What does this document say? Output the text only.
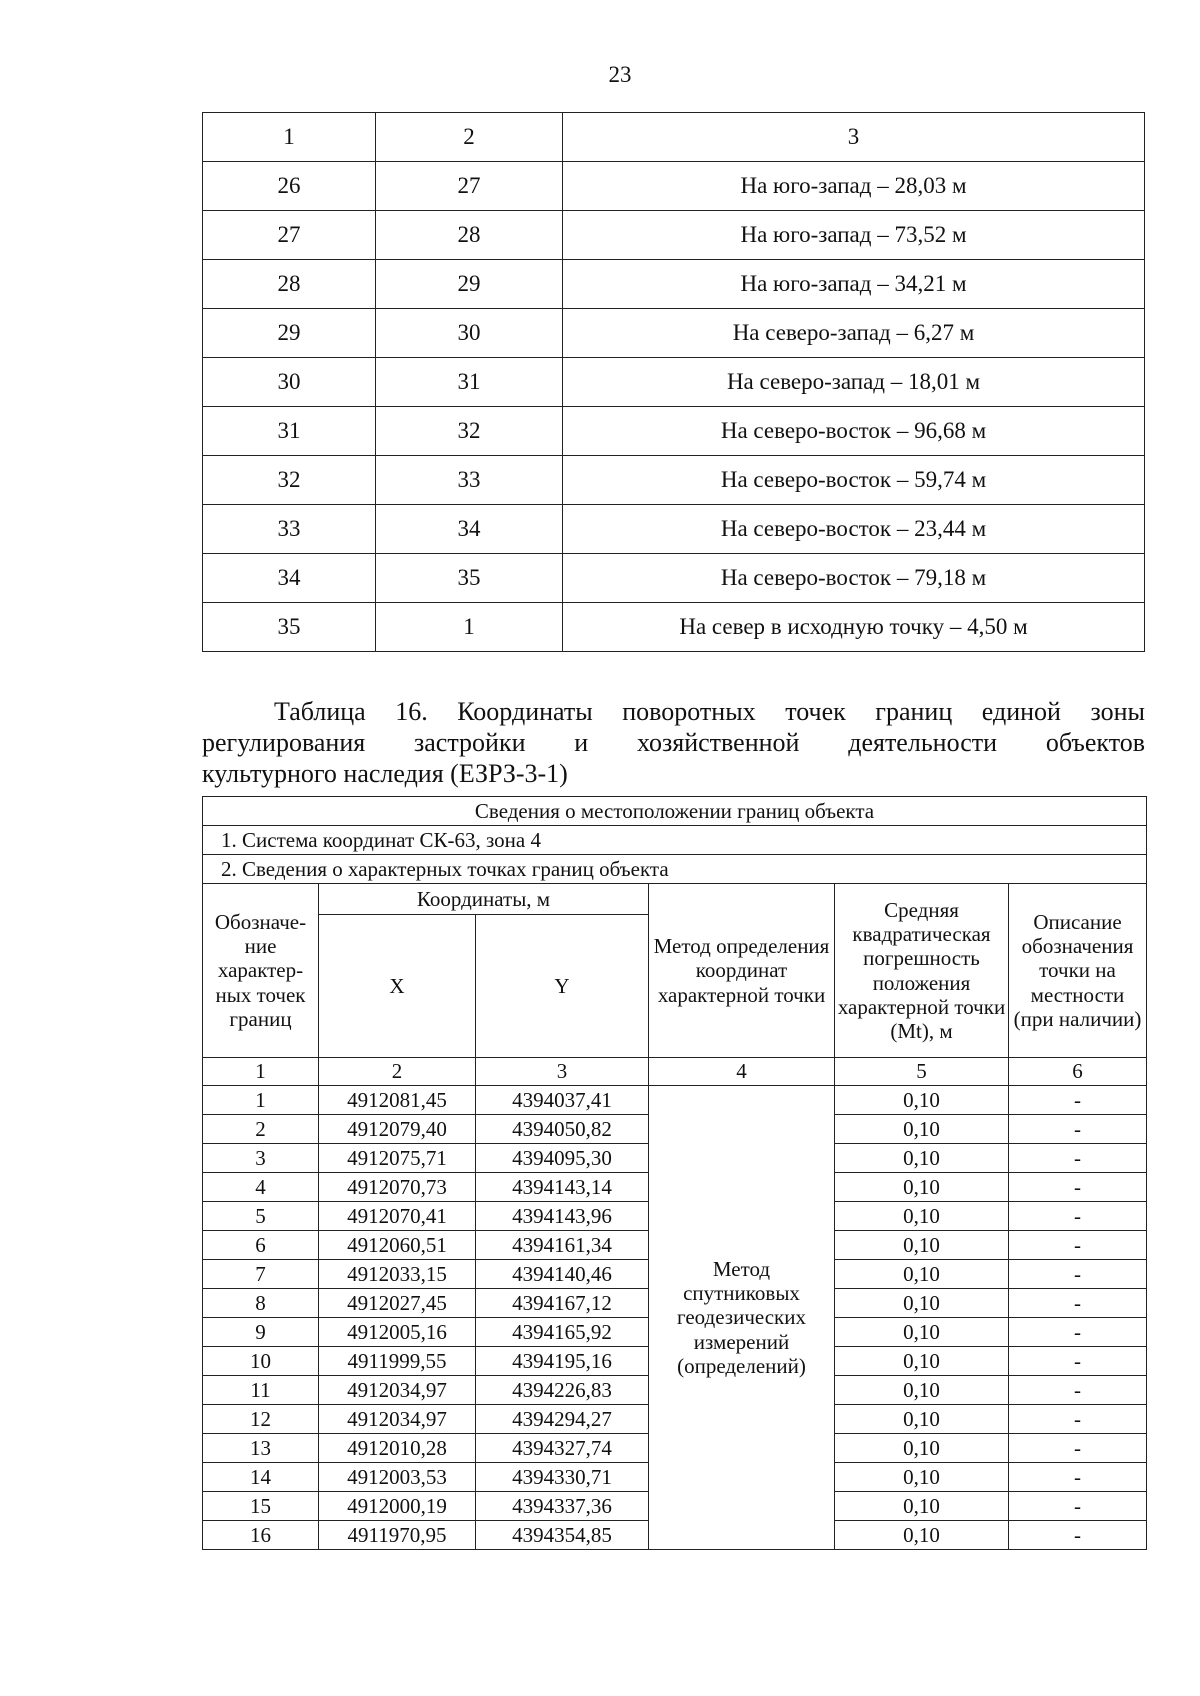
23
1	2	3
26	27	На юго-запад – 28,03 м
27	28	На юго-запад – 73,52 м
28	29	На юго-запад – 34,21 м
29	30	На северо-запад – 6,27 м
30	31	На северо-запад – 18,01 м
31	32	На северо-восток – 96,68 м
32	33	На северо-восток – 59,74 м
33	34	На северо-восток – 23,44 м
34	35	На северо-восток – 79,18 м
35	1	На север в исходную точку – 4,50 м
Таблица 16. Координаты поворотных точек границ единой зоны
регулирования застройки и хозяйственной деятельности объектов
культурного наследия (ЕЗРЗ-3-1)
Сведения о местоположении границ объекта					
1. Система координат СК-63, зона 4					
2. Сведения о характерных точках границ объекта					
Обозначе-ние характер-ных точек границ	Координаты, м		Метод определения координат характерной точки	Средняя квадратическая погрешность положения характерной точки (Mt), м	Описание обозначения точки на местности (при наличии)
	X	Y			
1	2	3	4	5	6
1	4912081,45	4394037,41	Метод спутниковых геодезических измерений (определений)	0,10	-
2	4912079,40	4394050,82		0,10	-
3	4912075,71	4394095,30		0,10	-
4	4912070,73	4394143,14		0,10	-
5	4912070,41	4394143,96		0,10	-
6	4912060,51	4394161,34		0,10	-
7	4912033,15	4394140,46		0,10	-
8	4912027,45	4394167,12		0,10	-
9	4912005,16	4394165,92		0,10	-
10	4911999,55	4394195,16		0,10	-
11	4912034,97	4394226,83		0,10	-
12	4912034,97	4394294,27		0,10	-
13	4912010,28	4394327,74		0,10	-
14	4912003,53	4394330,71		0,10	-
15	4912000,19	4394337,36		0,10	-
16	4911970,95	4394354,85		0,10	-
